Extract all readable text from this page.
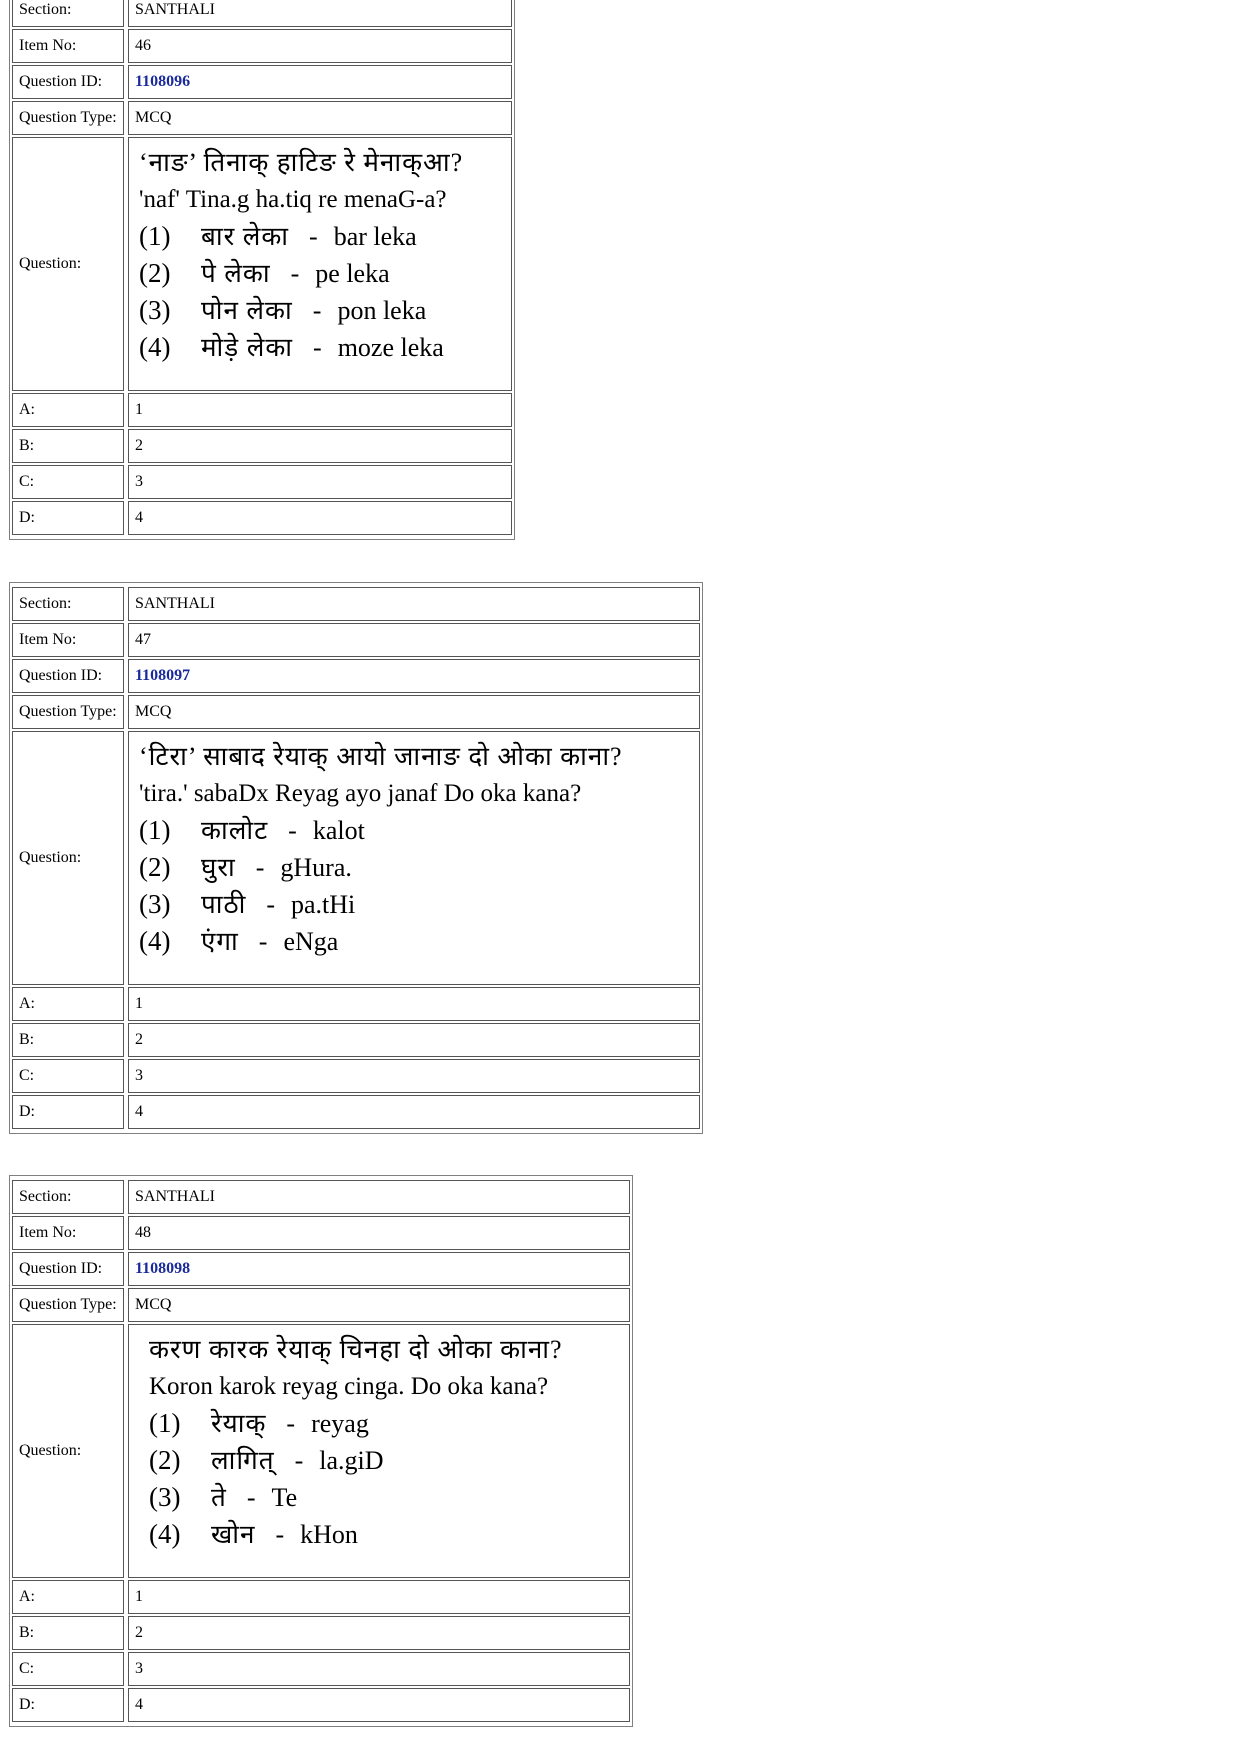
Section:	SANTHALI
Item No:	46
Question ID:	1108096
Question Type:	MCQ
Question:
‘नाङ’ तिनाक् हाटिङ रे मेनाक्आ?
'naf' Tina.g ha.tiq re menaG-a?
(1)	बार लेका - bar leka
(2)	पे लेका - pe leka
(3)	पोन लेका - pon leka
(4)	मोड़े लेका - moze leka
A:	1
B:	2
C:	3
D:	4
Section:	SANTHALI
Item No:	47
Question ID:	1108097
Question Type:	MCQ
Question:
‘टिरा’ साबाद रेयाक् आयो जानाङ दो ओका काना?
'tira.' sabaDx Reyag ayo janaf Do oka kana?
(1)	कालोट - kalot
(2)	घुरा - gHura.
(3)	पाठी - pa.tHi
(4)	एंगा - eNga
A:	1
B:	2
C:	3
D:	4
Section:	SANTHALI
Item No:	48
Question ID:	1108098
Question Type:	MCQ
Question:
करण कारक रेयाक् चिनहा दो ओका काना?
Koron karok reyag cinga. Do oka kana?
(1)	रेयाक् - reyag
(2)	लागित् - la.giD
(3)	ते - Te
(4)	खोन - kHon
A:	1
B:	2
C:	3
D:	4
